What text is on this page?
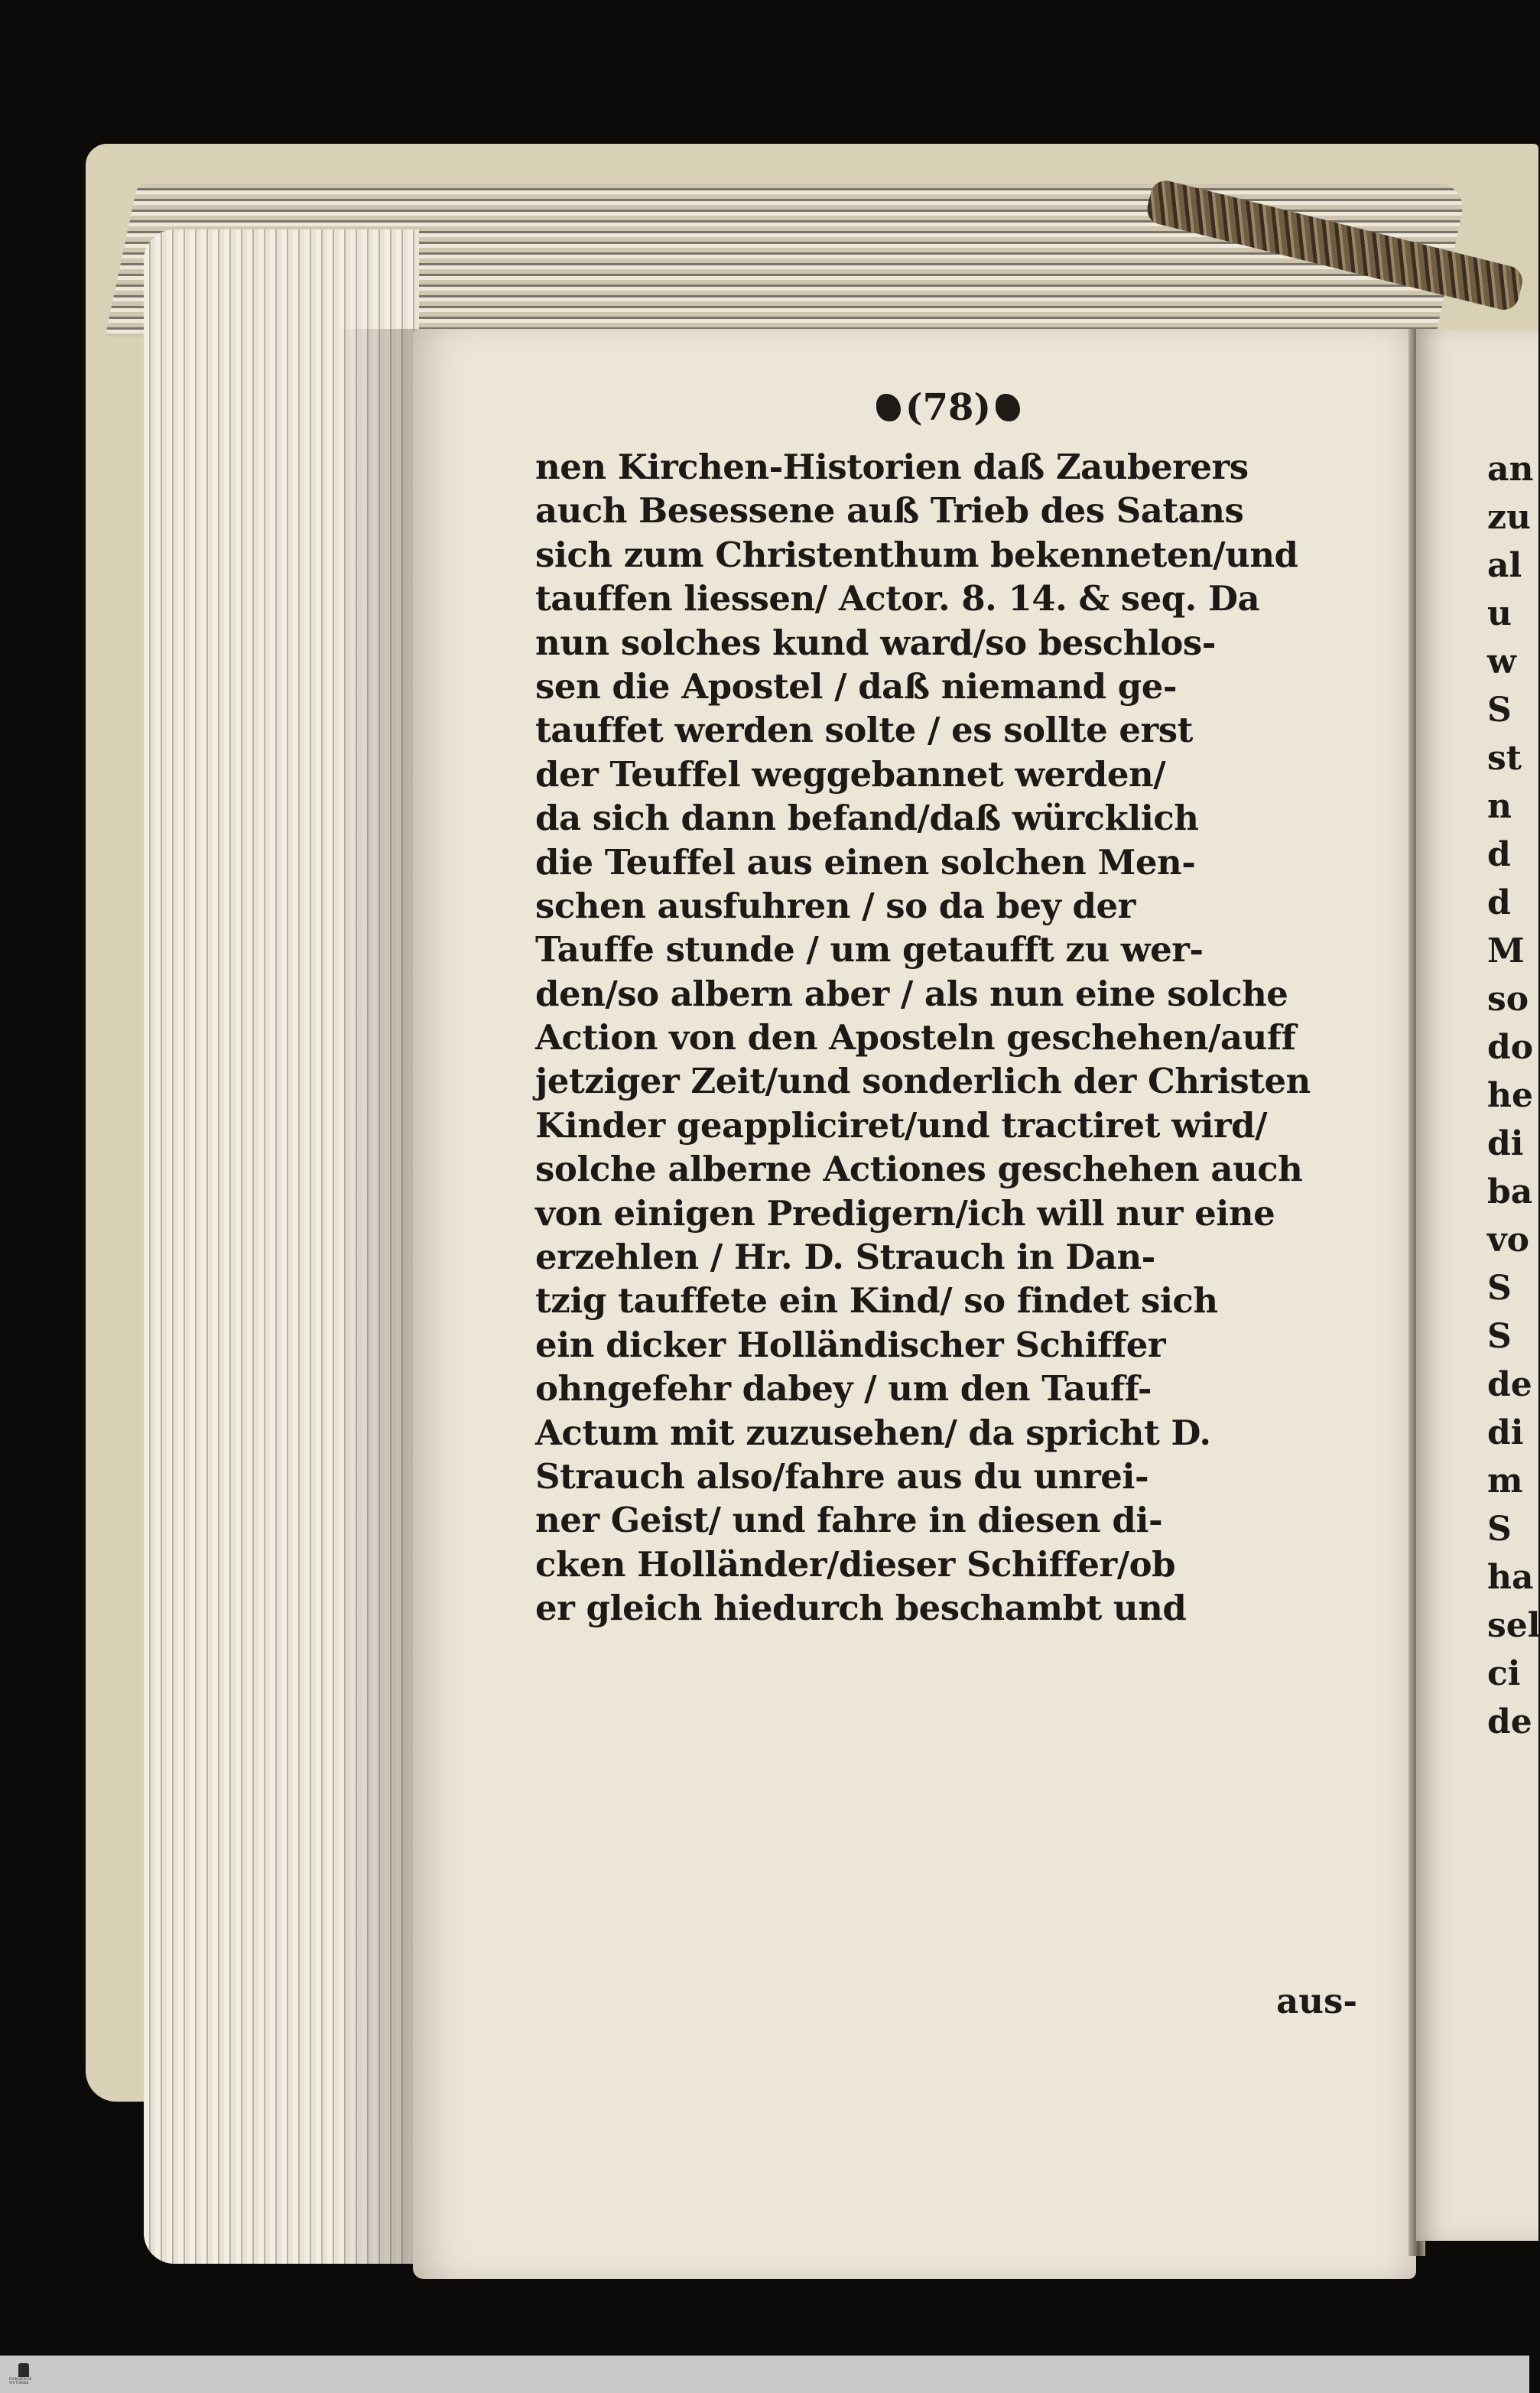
(78)
nen Kirchen-Historien daß Zauberers
auch Besessene auß Trieb des Satans
sich zum Christenthum bekenneten/und
tauffen liessen/ Actor. 8. 14. & seq. Da
nun solches kund ward/so beschlos-
sen die Apostel / daß niemand ge-
tauffet werden solte / es sollte erst
der Teuffel weggebannet werden/
da sich dann befand/daß würcklich
die Teuffel aus einen solchen Men-
schen ausfuhren / so da bey der
Tauffe stunde / um getaufft zu wer-
den/so albern aber / als nun eine solche
Action von den Aposteln geschehen/auff
jetziger Zeit/und sonderlich der Christen
Kinder geappliciret/und tractiret wird/
solche alberne Actiones geschehen auch
von einigen Predigern/ich will nur eine
erzehlen / Hr. D. Strauch in Dan-
tzig tauffete ein Kind/ so findet sich
ein dicker Holländischer Schiffer
ohngefehr dabey / um den Tauff-
Actum mit zuzusehen/ da spricht D.
Strauch also/fahre aus du unrei-
ner Geist/ und fahre in diesen di-
cken Holländer/dieser Schiffer/ob
er gleich hiedurch beschambt und
aus-
an
zu
al
u
w
S
st
n
d
d
M
so
do
he
di
ba
vo
S
S
de
di
m
S
ha
sel
ci
de
FRANCKESCHE STIFTUNGEN
